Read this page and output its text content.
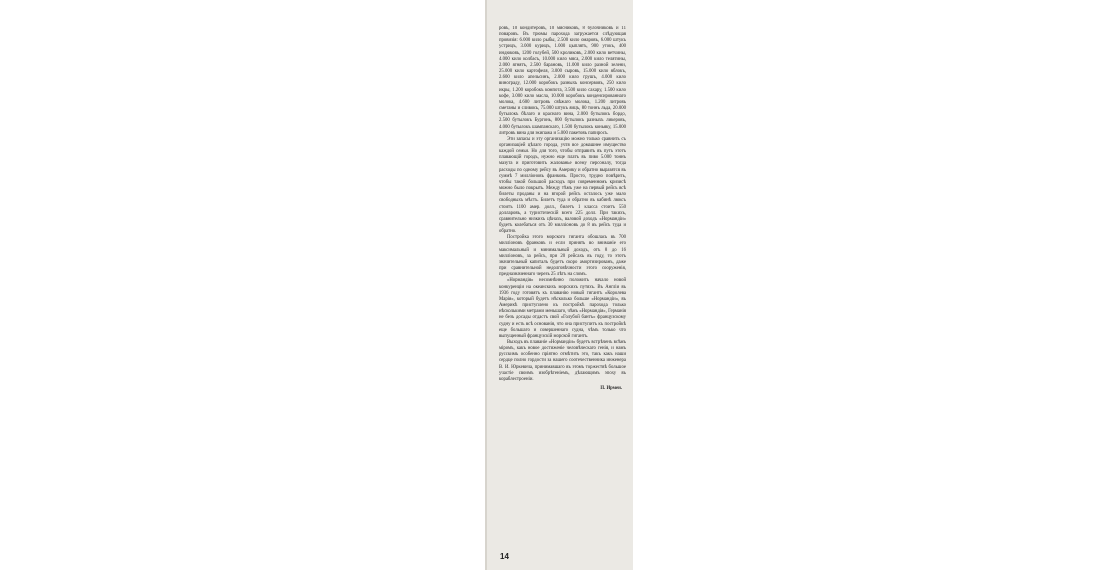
ровъ, 10 кондитеровъ, 10 мясниковъ, 8 булочниковъ и 11 поваровъ. Въ трюмы парохода загружается слѣдующая провизія: 6.000 кило рыбы, 2.500 кило омаровъ, 6.000 штукъ устрицъ, 3.000 курицъ, 1.000 цыплятъ, 900 утокъ, 400 индюковъ, 1200 голубей, 500 кроликовъ, 2.000 кило ветчины, 4.000 кило колбасъ, 10.000 кило мяса, 2.000 кило телятины, 2.000 ягнятъ, 2.500 барановъ, 11.000 кило разной зелени, 25.000 кило картофеля, 3.000 сыровъ, 15.000 кило яблокъ, 2.600 кило апельсинъ, 2.000 кило грушъ, 4.000 кило винограду, 12.000 коробокъ разныхъ консервовъ, 250 кило икры, 1.200 коробокъ компота, 3.500 кило сахару, 1.500 кило кофе, 3.000 кило масла, 10.000 коробокъ конденсированнаго молока, 4.600 литровъ свѣжаго молока, 1.200 литровъ сметаны и сливокъ, 75.000 штукъ яицъ, 80 тоннъ льда, 20.000 бутылокъ бѣлаго и краснаго вина, 2.000 бутылокъ бордо, 2.500 бутылокъ Бургонь, 800 бутылокъ разныхъ ликеровъ, 4.000 бутылокъ шампанскаго, 1.500 бутылокъ коньяку, 15.000 литровъ вина для экипажа и 5.000 пакетовъ папиросъ.

Эти запасы и эту организацію можно только сравнить съ организаціей цѣлаго города, учтя все домашнее имущество каждой семьи. Но для того, чтобы отправить въ путь этотъ плавающій городъ, нужно еще платъ въ пиво 5.000 тоннъ мазута и приготовить жалованье всему персоналу, тогда расходы по одному рейсу въ Америку и обратно выразятся въ суммѣ 7 милліоновъ франковъ. Просто, трудно повѣрить, чтобы такой большой расходъ при современномъ кризисѣ можно было покрыть. Между тѣмъ уже на первый рейсъ всѣ билеты проданы и на второй рейсъ осталось уже мало свободныхъ мѣстъ. Билетъ туда и обратно въ кабинѣ люксъ стоитъ 1100 амер. долл., билетъ 1 класса стоитъ 550 долларовъ, а туристическій всего 225 долл. При такихъ, сравнительно низкихъ цѣнахъ, валовой доходъ «Нормандіи» будетъ колебаться отъ 30 милліоновъ до 8 въ рейсъ туда и обратно.

Постройка этого морского гиганта обошлась въ 700 милліоновъ франковъ и если принять во вниманіе его максимальный и минимальный доходъ, отъ 8 до 16 милліоновъ, за рейсъ, при 20 рейсахъ въ году, то этотъ значительный капиталъ будетъ скоро амортизированъ, даже при сравнительной недолговѣчности этого сооруженія, предназначеннаго черезъ 25 лѣтъ на сломъ.

«Нормандія» несомнѣнно положить начало новой конкуренціи на океанскихъ морскихъ путяхъ. Въ Англіи въ 1936 году готовятъ къ плаванію новый гигантъ «Королева Марія», который будетъ нѣсколько больше «Нормандіи», въ Америкѣ приступлено къ постройкѣ парохода только нѣсколькими метрами меньшаго, чѣмъ «Нормандія», Германія не безъ досады отдастъ свой «Голубой бантъ» французскому судну и есть всѣ основанія, что она приступитъ къ постройкѣ еще большаго и совершеннаго судна, чѣмъ только что выпущенный французскій морской гигантъ.

Выходъ въ плаваніе «Нормандіи» будетъ встрѣченъ всѣмъ міромъ, какъ новое достиженіе человѣческаго генія, и намъ русскимъ особенно пріятно отмѣтить это, такъ какъ наши сердце полно гордости за нашего соотечественника инженера В. И. Юркевича, принимавшаго въ этомъ торжествѣ большое участіе своимъ изобрѣтеніемъ, дѣлающимъ эпоху въ кораблестроеніи.

П. Ирмен.

14
